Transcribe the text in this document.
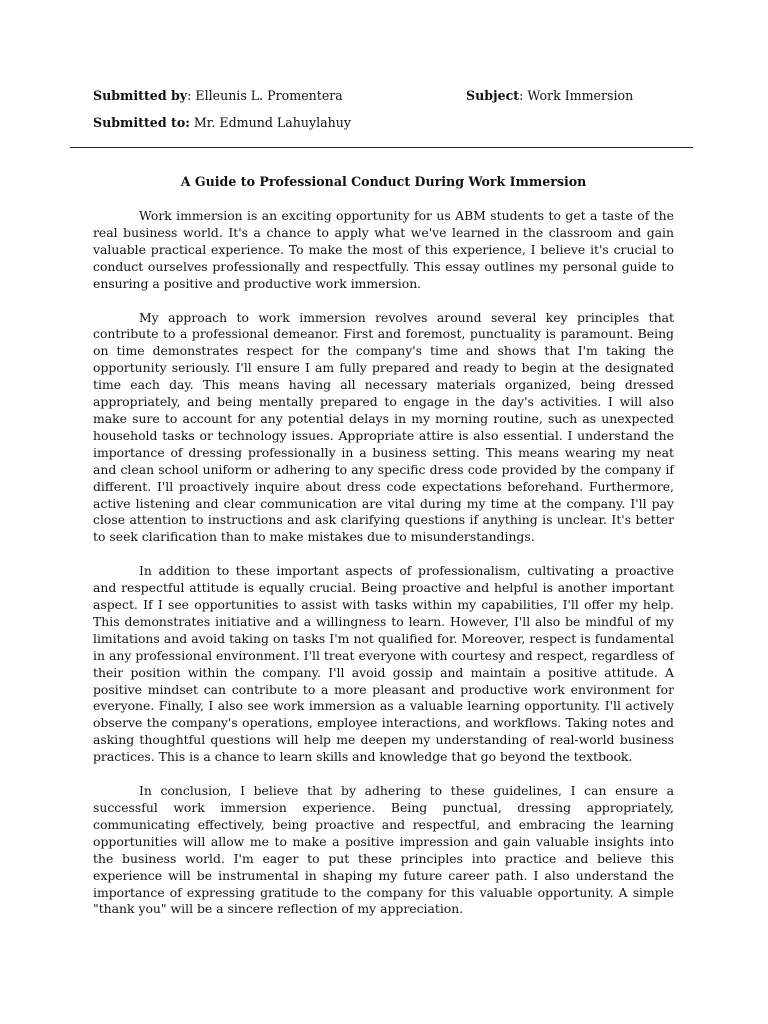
Submitted by: Elleunis L. Promentera	Subject: Work Immersion
Submitted to: Mr. Edmund Lahuylahuy
A Guide to Professional Conduct During Work Immersion

Work immersion is an exciting opportunity for us ABM students to get a taste of the real business world. It's a chance to apply what we've learned in the classroom and gain valuable practical experience. To make the most of this experience, I believe it's crucial to conduct ourselves professionally and respectfully. This essay outlines my personal guide to ensuring a positive and productive work immersion.

My approach to work immersion revolves around several key principles that contribute to a professional demeanor. First and foremost, punctuality is paramount. Being on time demonstrates respect for the company's time and shows that I'm taking the opportunity seriously. I'll ensure I am fully prepared and ready to begin at the designated time each day. This means having all necessary materials organized, being dressed appropriately, and being mentally prepared to engage in the day's activities. I will also make sure to account for any potential delays in my morning routine, such as unexpected household tasks or technology issues. Appropriate attire is also essential. I understand the importance of dressing professionally in a business setting. This means wearing my neat and clean school uniform or adhering to any specific dress code provided by the company if different. I'll proactively inquire about dress code expectations beforehand. Furthermore, active listening and clear communication are vital during my time at the company. I'll pay close attention to instructions and ask clarifying questions if anything is unclear. It's better to seek clarification than to make mistakes due to misunderstandings.

In addition to these important aspects of professionalism, cultivating a proactive and respectful attitude is equally crucial. Being proactive and helpful is another important aspect. If I see opportunities to assist with tasks within my capabilities, I'll offer my help. This demonstrates initiative and a willingness to learn. However, I'll also be mindful of my limitations and avoid taking on tasks I'm not qualified for. Moreover, respect is fundamental in any professional environment. I'll treat everyone with courtesy and respect, regardless of their position within the company. I'll avoid gossip and maintain a positive attitude. A positive mindset can contribute to a more pleasant and productive work environment for everyone. Finally, I also see work immersion as a valuable learning opportunity. I'll actively observe the company's operations, employee interactions, and workflows. Taking notes and asking thoughtful questions will help me deepen my understanding of real-world business practices. This is a chance to learn skills and knowledge that go beyond the textbook.

In conclusion, I believe that by adhering to these guidelines, I can ensure a successful work immersion experience. Being punctual, dressing appropriately, communicating effectively, being proactive and respectful, and embracing the learning opportunities will allow me to make a positive impression and gain valuable insights into the business world. I'm eager to put these principles into practice and believe this experience will be instrumental in shaping my future career path. I also understand the importance of expressing gratitude to the company for this valuable opportunity. A simple "thank you" will be a sincere reflection of my appreciation.
